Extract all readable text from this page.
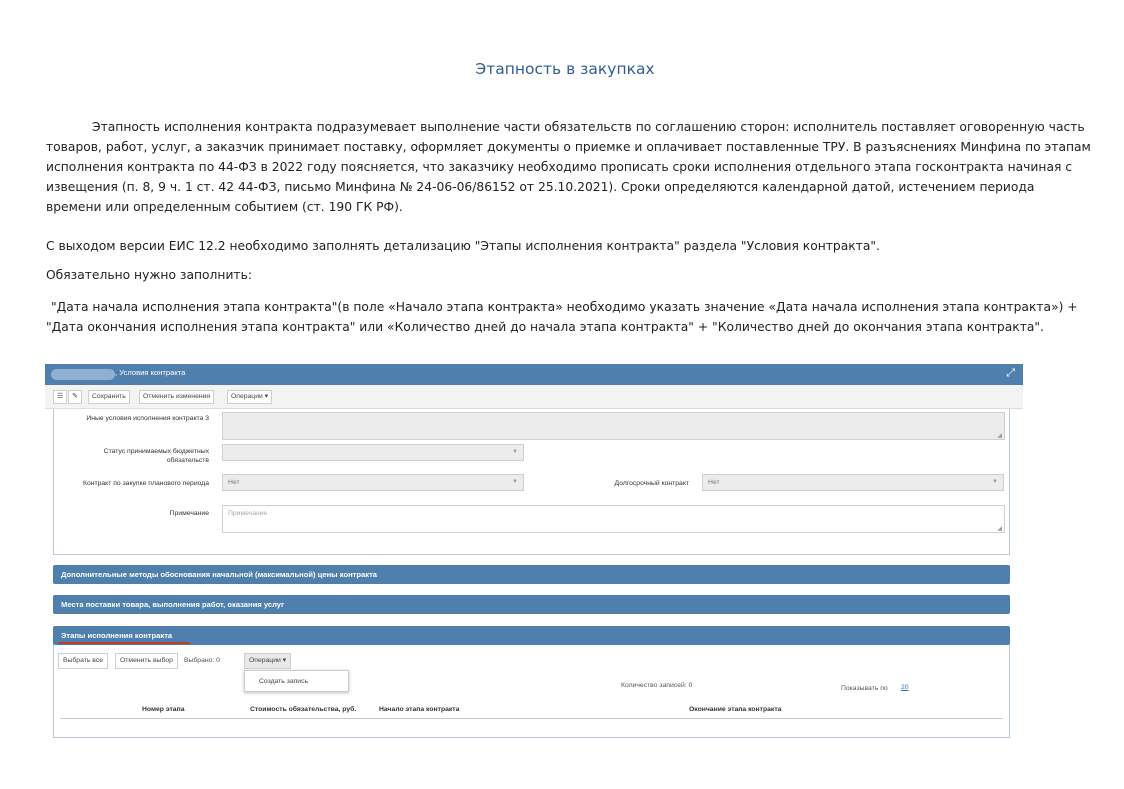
Этапность в закупках
Этапность исполнения контракта подразумевает выполнение части обязательств по соглашению сторон: исполнитель поставляет оговоренную часть товаров, работ, услуг, а заказчик принимает поставку, оформляет документы о приемке и оплачивает поставленные ТРУ. В разъяснениях Минфина по этапам исполнения контракта по 44-ФЗ в 2022 году поясняется, что заказчику необходимо прописать сроки исполнения отдельного этапа госконтракта начиная с извещения (п. 8, 9 ч. 1 ст. 42 44-ФЗ, письмо Минфина № 24-06-06/86152 от 25.10.2021). Сроки определяются календарной датой, истечением периода времени или определенным событием (ст. 190 ГК РФ).
С выходом версии ЕИС 12.2 необходимо заполнять детализацию "Этапы исполнения контракта" раздела "Условия контракта".
Обязательно нужно заполнить:
"Дата начала исполнения этапа контракта"(в поле «Начало этапа контракта» необходимо указать значение «Дата начала исполнения этапа контракта») + "Дата окончания исполнения этапа контракта" или «Количество дней до начала этапа контракта" + "Количество дней до окончания этапа контракта".
, Условия контракта	⤢
☰	✎	Сохранить	Отменить изменения	Операции ▾
Иные условия исполнения контракта 3
◢
Статус принимаемых бюджетных обязательств
▼
Контракт по закупке планового периода	Нет	▼	Долгосрочный контракт	Нет	▼
Примечание	Примечание
◢
Дополнительные методы обоснования начальной (максимальной) цены контракта
Места поставки товара, выполнения работ, оказания услуг
Этапы исполнения контракта
Выбрать все	Отменить выбор	Выбрано: 0	Операции ▾
Создать запись
Количество записей: 0	Показывать по 20
Номер этапа	Стоимость обязательства, руб.	Начало этапа контракта	Окончание этапа контракта
